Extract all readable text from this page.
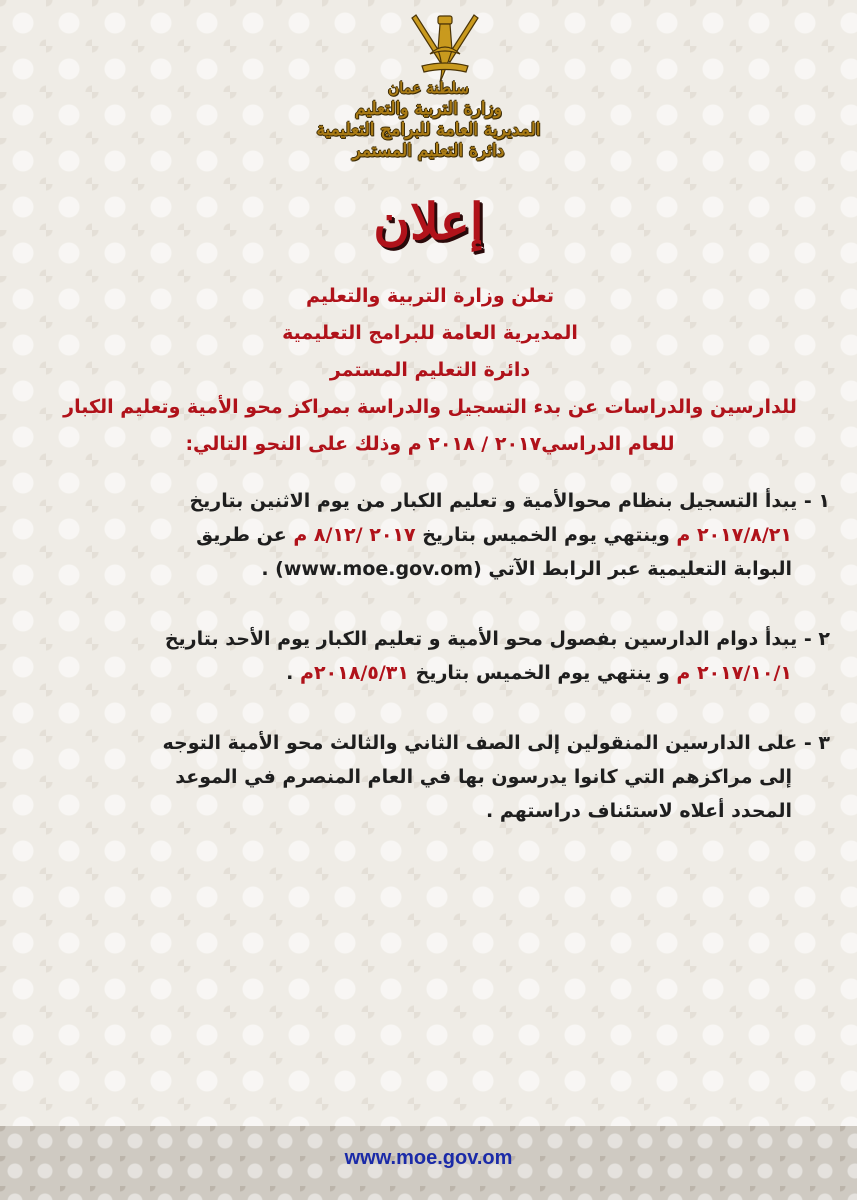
سلطنة عمان
وزارة التربية والتعليم
المديرية العامة للبرامج التعليمية
دائرة التعليم المستمر
إعلان
تعلن وزارة التربية والتعليم
المديرية العامة للبرامج التعليمية
دائرة التعليم المستمر
للدارسين والدراسات عن بدء التسجيل والدراسة بمراكز محو الأمية وتعليم الكبار
للعام الدراسي٢٠١٧ / ٢٠١٨ م وذلك على النحو التالي:
١ - يبدأ التسجيل بنظام محوالأمية و تعليم الكبار من يوم الاثنين بتاريخ
٢٠١٧/٨/٢١ م وينتهي يوم الخميس بتاريخ ٢٠١٧ /٨/١٢ م عن طريق
البوابة التعليمية عبر الرابط الآتي (www.moe.gov.om) .
٢ - يبدأ دوام الدارسين بفصول محو الأمية و تعليم الكبار يوم الأحد بتاريخ
٢٠١٧/١٠/١ م و ينتهي يوم الخميس بتاريخ ٢٠١٨/٥/٣١م .
٣ - على الدارسين المنقولين إلى الصف الثاني والثالث محو الأمية التوجه
إلى مراكزهم التي كانوا يدرسون بها في العام المنصرم في الموعد
المحدد أعلاه لاستئناف دراستهم .
www.moe.gov.om
